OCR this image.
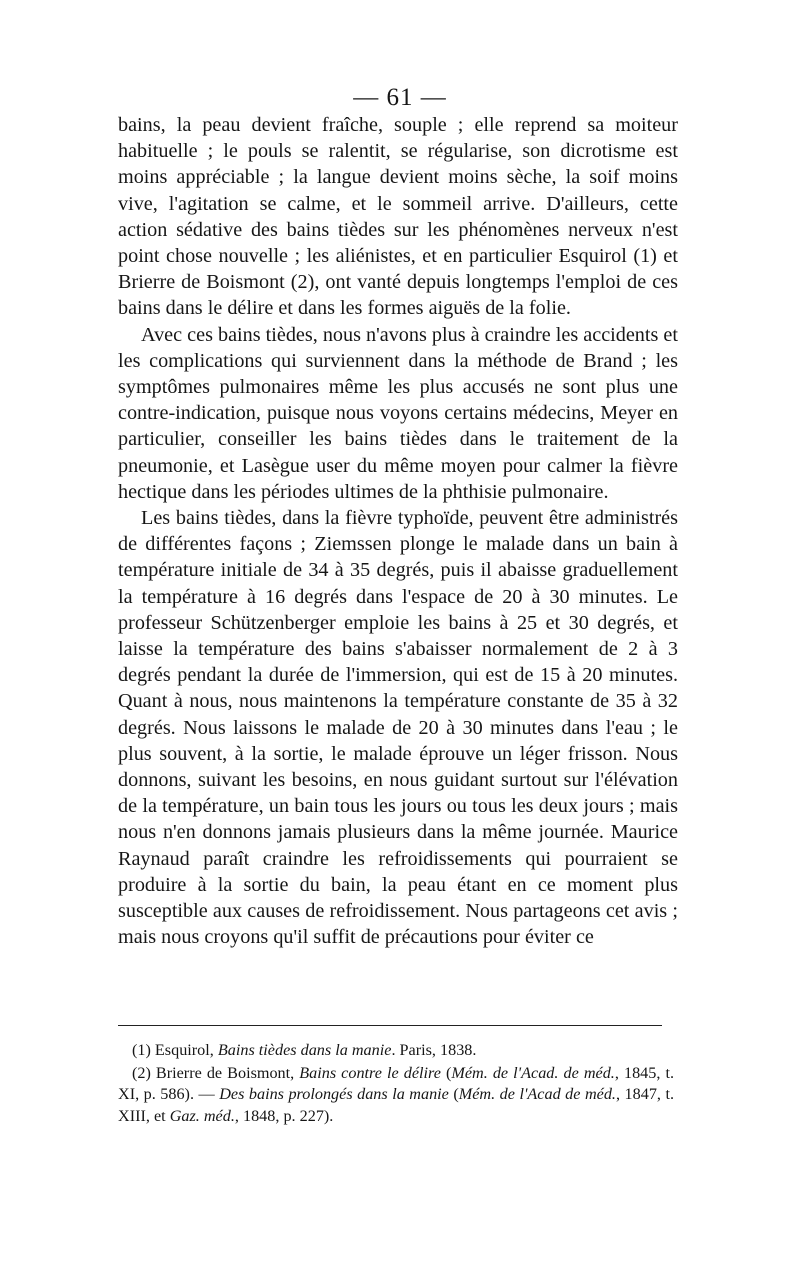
— 61 —

bains, la peau devient fraîche, souple ; elle reprend sa moiteur habituelle ; le pouls se ralentit, se régularise, son dicrotisme est moins appréciable ; la langue devient moins sèche, la soif moins vive, l'agitation se calme, et le sommeil arrive. D'ailleurs, cette action sédative des bains tièdes sur les phénomènes nerveux n'est point chose nouvelle ; les aliénistes, et en particulier Esquirol (1) et Brierre de Boismont (2), ont vanté depuis longtemps l'emploi de ces bains dans le délire et dans les formes aiguës de la folie.

Avec ces bains tièdes, nous n'avons plus à craindre les accidents et les complications qui surviennent dans la méthode de Brand ; les symptômes pulmonaires même les plus accusés ne sont plus une contre-indication, puisque nous voyons certains médecins, Meyer en particulier, conseiller les bains tièdes dans le traitement de la pneumonie, et Lasègue user du même moyen pour calmer la fièvre hectique dans les périodes ultimes de la phthisie pulmonaire.

Les bains tièdes, dans la fièvre typhoïde, peuvent être administrés de différentes façons ; Ziemssen plonge le malade dans un bain à température initiale de 34 à 35 degrés, puis il abaisse graduellement la température à 16 degrés dans l'espace de 20 à 30 minutes. Le professeur Schützenberger emploie les bains à 25 et 30 degrés, et laisse la température des bains s'abaisser normalement de 2 à 3 degrés pendant la durée de l'immersion, qui est de 15 à 20 minutes. Quant à nous, nous maintenons la température constante de 35 à 32 degrés. Nous laissons le malade de 20 à 30 minutes dans l'eau ; le plus souvent, à la sortie, le malade éprouve un léger frisson. Nous donnons, suivant les besoins, en nous guidant surtout sur l'élévation de la température, un bain tous les jours ou tous les deux jours ; mais nous n'en donnons jamais plusieurs dans la même journée. Maurice Raynaud paraît craindre les refroidissements qui pourraient se produire à la sortie du bain, la peau étant en ce moment plus susceptible aux causes de refroidissement. Nous partageons cet avis ; mais nous croyons qu'il suffit de précautions pour éviter ce

(1) Esquirol, Bains tièdes dans la manie. Paris, 1838.

(2) Brierre de Boismont, Bains contre le délire (Mém. de l'Acad. de méd., 1845, t. XI, p. 586). — Des bains prolongés dans la manie (Mém. de l'Acad de méd., 1847, t. XIII, et Gaz. méd., 1848, p. 227).
